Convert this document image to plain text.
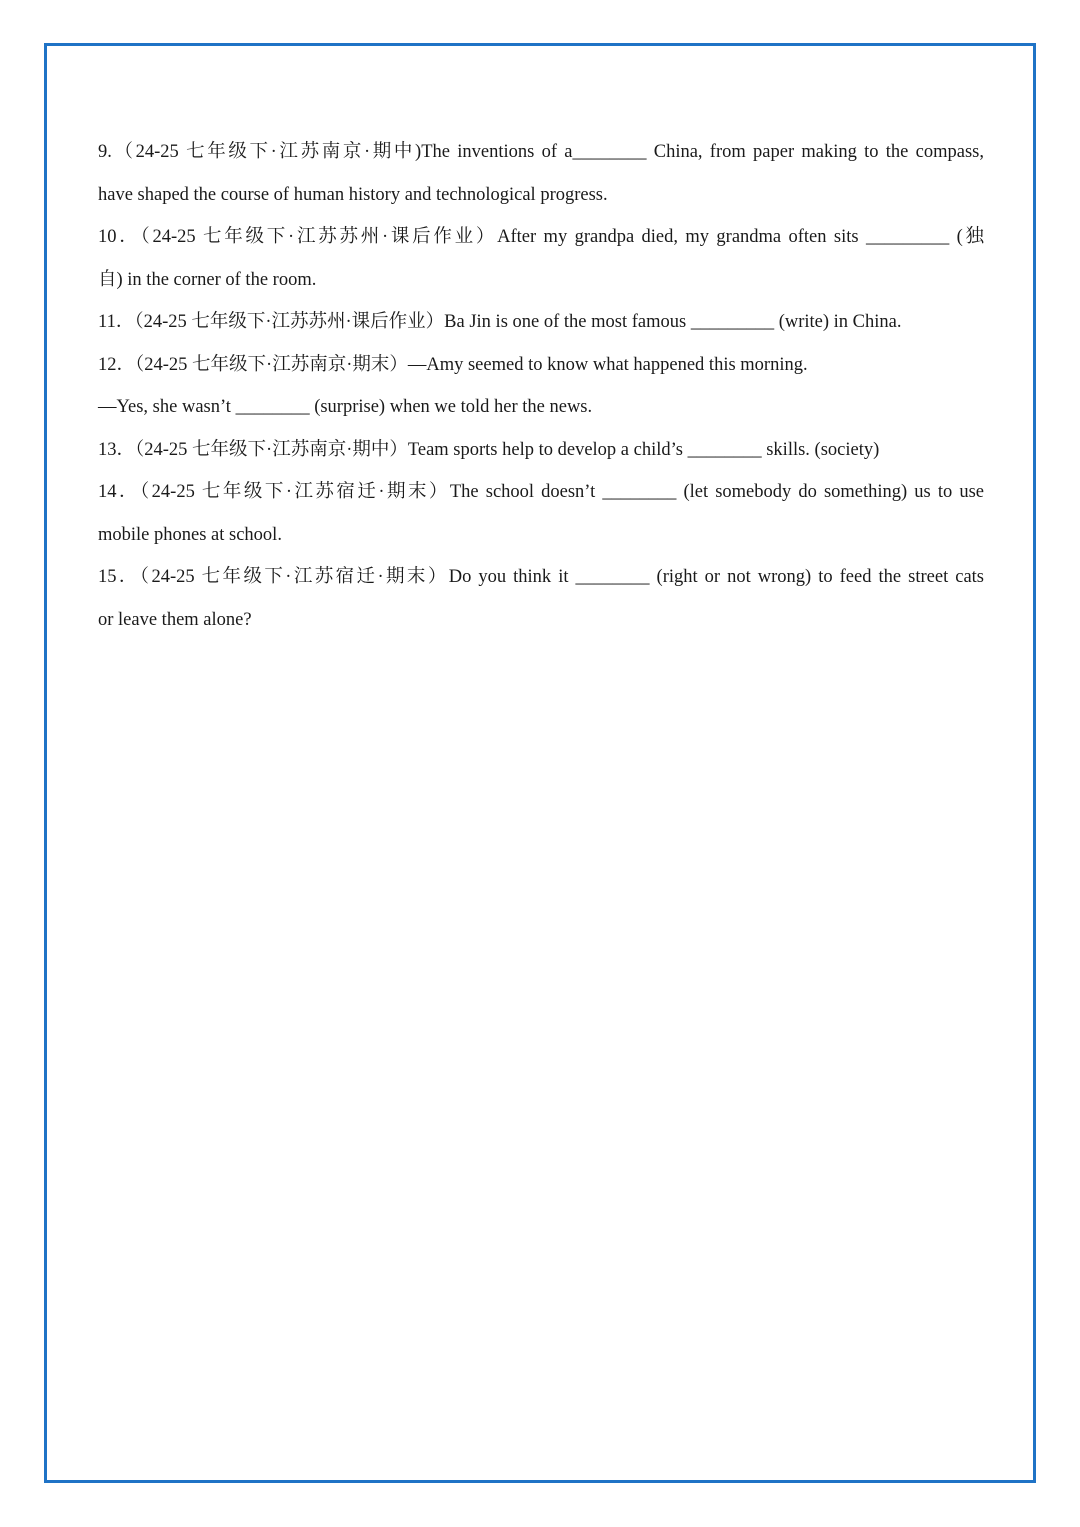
9.（24-25 七年级下·江苏南京·期中)The inventions of a________ China, from paper making to the compass,
have shaped the course of human history and technological progress.
10．（24-25 七年级下·江苏苏州·课后作业）After my grandpa died, my grandma often sits _________ (独
自) in the corner of the room.
11．（24-25 七年级下·江苏苏州·课后作业）Ba Jin is one of the most famous _________ (write) in China.
12．（24-25 七年级下·江苏南京·期末）—Amy seemed to know what happened this morning.
—Yes, she wasn’t ________ (surprise) when we told her the news.
13．（24-25 七年级下·江苏南京·期中）Team sports help to develop a child’s ________ skills. (society)
14．（24-25 七年级下·江苏宿迁·期末）The school doesn’t ________ (let somebody do something) us to use
mobile phones at school.
15．（24-25 七年级下·江苏宿迁·期末）Do you think it ________ (right or not wrong) to feed the street cats
or leave them alone?
